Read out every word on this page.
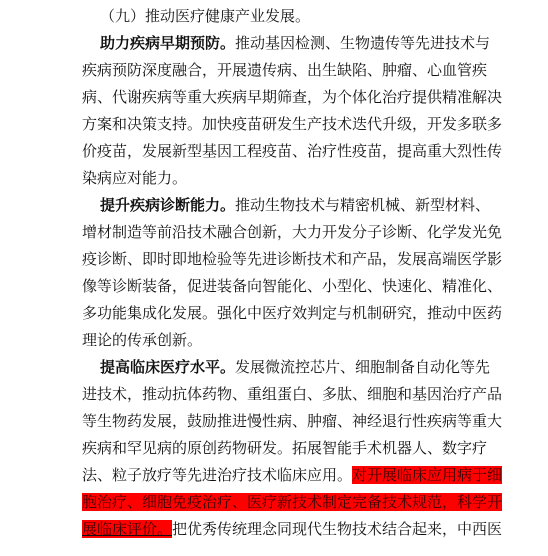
（九）推动医疗健康产业发展。
助力疾病早期预防。推动基因检测、生物遗传等先进技术与
疾病预防深度融合，开展遗传病、出生缺陷、肿瘤、心血管疾
病、代谢疾病等重大疾病早期筛查，为个体化治疗提供精准解决
方案和决策支持。加快疫苗研发生产技术迭代升级，开发多联多
价疫苗，发展新型基因工程疫苗、治疗性疫苗，提高重大烈性传
染病应对能力。
提升疾病诊断能力。推动生物技术与精密机械、新型材料、
增材制造等前沿技术融合创新，大力开发分子诊断、化学发光免
疫诊断、即时即地检验等先进诊断技术和产品，发展高端医学影
像等诊断装备，促进装备向智能化、小型化、快速化、精准化、
多功能集成化发展。强化中医疗效判定与机制研究，推动中医药
理论的传承创新。
提高临床医疗水平。发展微流控芯片、细胞制备自动化等先
进技术，推动抗体药物、重组蛋白、多肽、细胞和基因治疗产品
等生物药发展，鼓励推进慢性病、肿瘤、神经退行性疾病等重大
疾病和罕见病的原创药物研发。拓展智能手术机器人、数字疗
法、粒子放疗等先进治疗技术临床应用。对开展临床应用病于细
胞治疗、细胞免疫治疗、医疗新技术制定完备技术规范，科学开
展临床评价。把优秀传统理念同现代生物技术结合起来，中西医
